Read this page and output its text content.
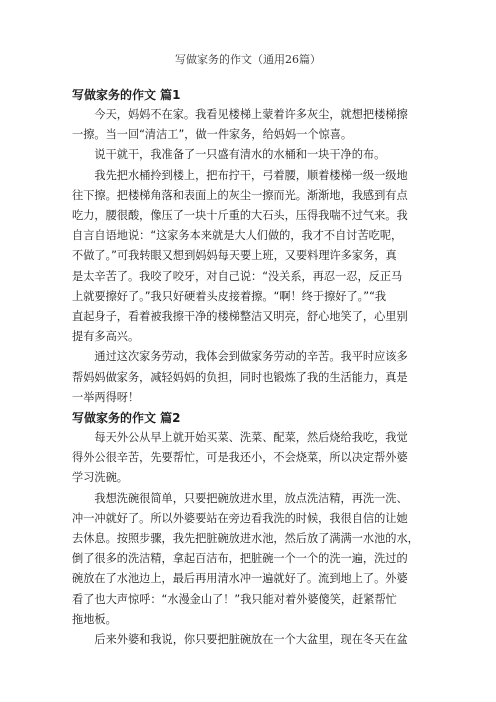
写做家务的作文（通用26篇）

写做家务的作文 篇1

今天，妈妈不在家。我看见楼梯上蒙着许多灰尘，就想把楼梯擦
一擦。当一回“清洁工”，做一件家务，给妈妈一个惊喜。

说干就干，我准备了一只盛有清水的水桶和一块干净的布。

我先把水桶拎到楼上，把布拧干，弓着腰，顺着楼梯一级一级地
往下擦。把楼梯角落和表面上的灰尘一擦而光。渐渐地，我感到有点
吃力，腰很酸，像压了一块十斤重的大石头，压得我喘不过气来。我
自言自语地说：“这家务本来就是大人们做的，我才不自讨苦吃呢，
不做了。”可我转眼又想到妈妈每天要上班，又要料理许多家务，真
是太辛苦了。我咬了咬牙，对自己说：“没关系，再忍一忍，反正马
上就要擦好了。”我只好硬着头皮接着擦。“啊！终于擦好了。”“我
直起身子，看着被我擦干净的楼梯整洁又明亮，舒心地笑了，心里别
提有多高兴。

通过这次家务劳动，我体会到做家务劳动的辛苦。我平时应该多
帮妈妈做家务，减轻妈妈的负担，同时也锻炼了我的生活能力，真是
一举两得呀！

写做家务的作文 篇2

每天外公从早上就开始买菜、洗菜、配菜，然后烧给我吃，我觉
得外公很辛苦，先要帮忙，可是我还小，不会烧菜，所以决定帮外婆
学习洗碗。

我想洗碗很简单，只要把碗放进水里，放点洗洁精，再洗一洗、
冲一冲就好了。所以外婆要站在旁边看我洗的时候，我很自信的让她
去休息。按照步骤，我先把脏碗放进水池，然后放了满满一水池的水，
倒了很多的洗洁精，拿起百洁布，把脏碗一个一个的洗一遍，洗过的
碗放在了水池边上，最后再用清水冲一遍就好了。流到地上了。外婆
看了也大声惊呼：“水漫金山了！”我只能对着外婆傻笑，赶紧帮忙
拖地板。

后来外婆和我说，你只要把脏碗放在一个大盆里，现在冬天在盆
